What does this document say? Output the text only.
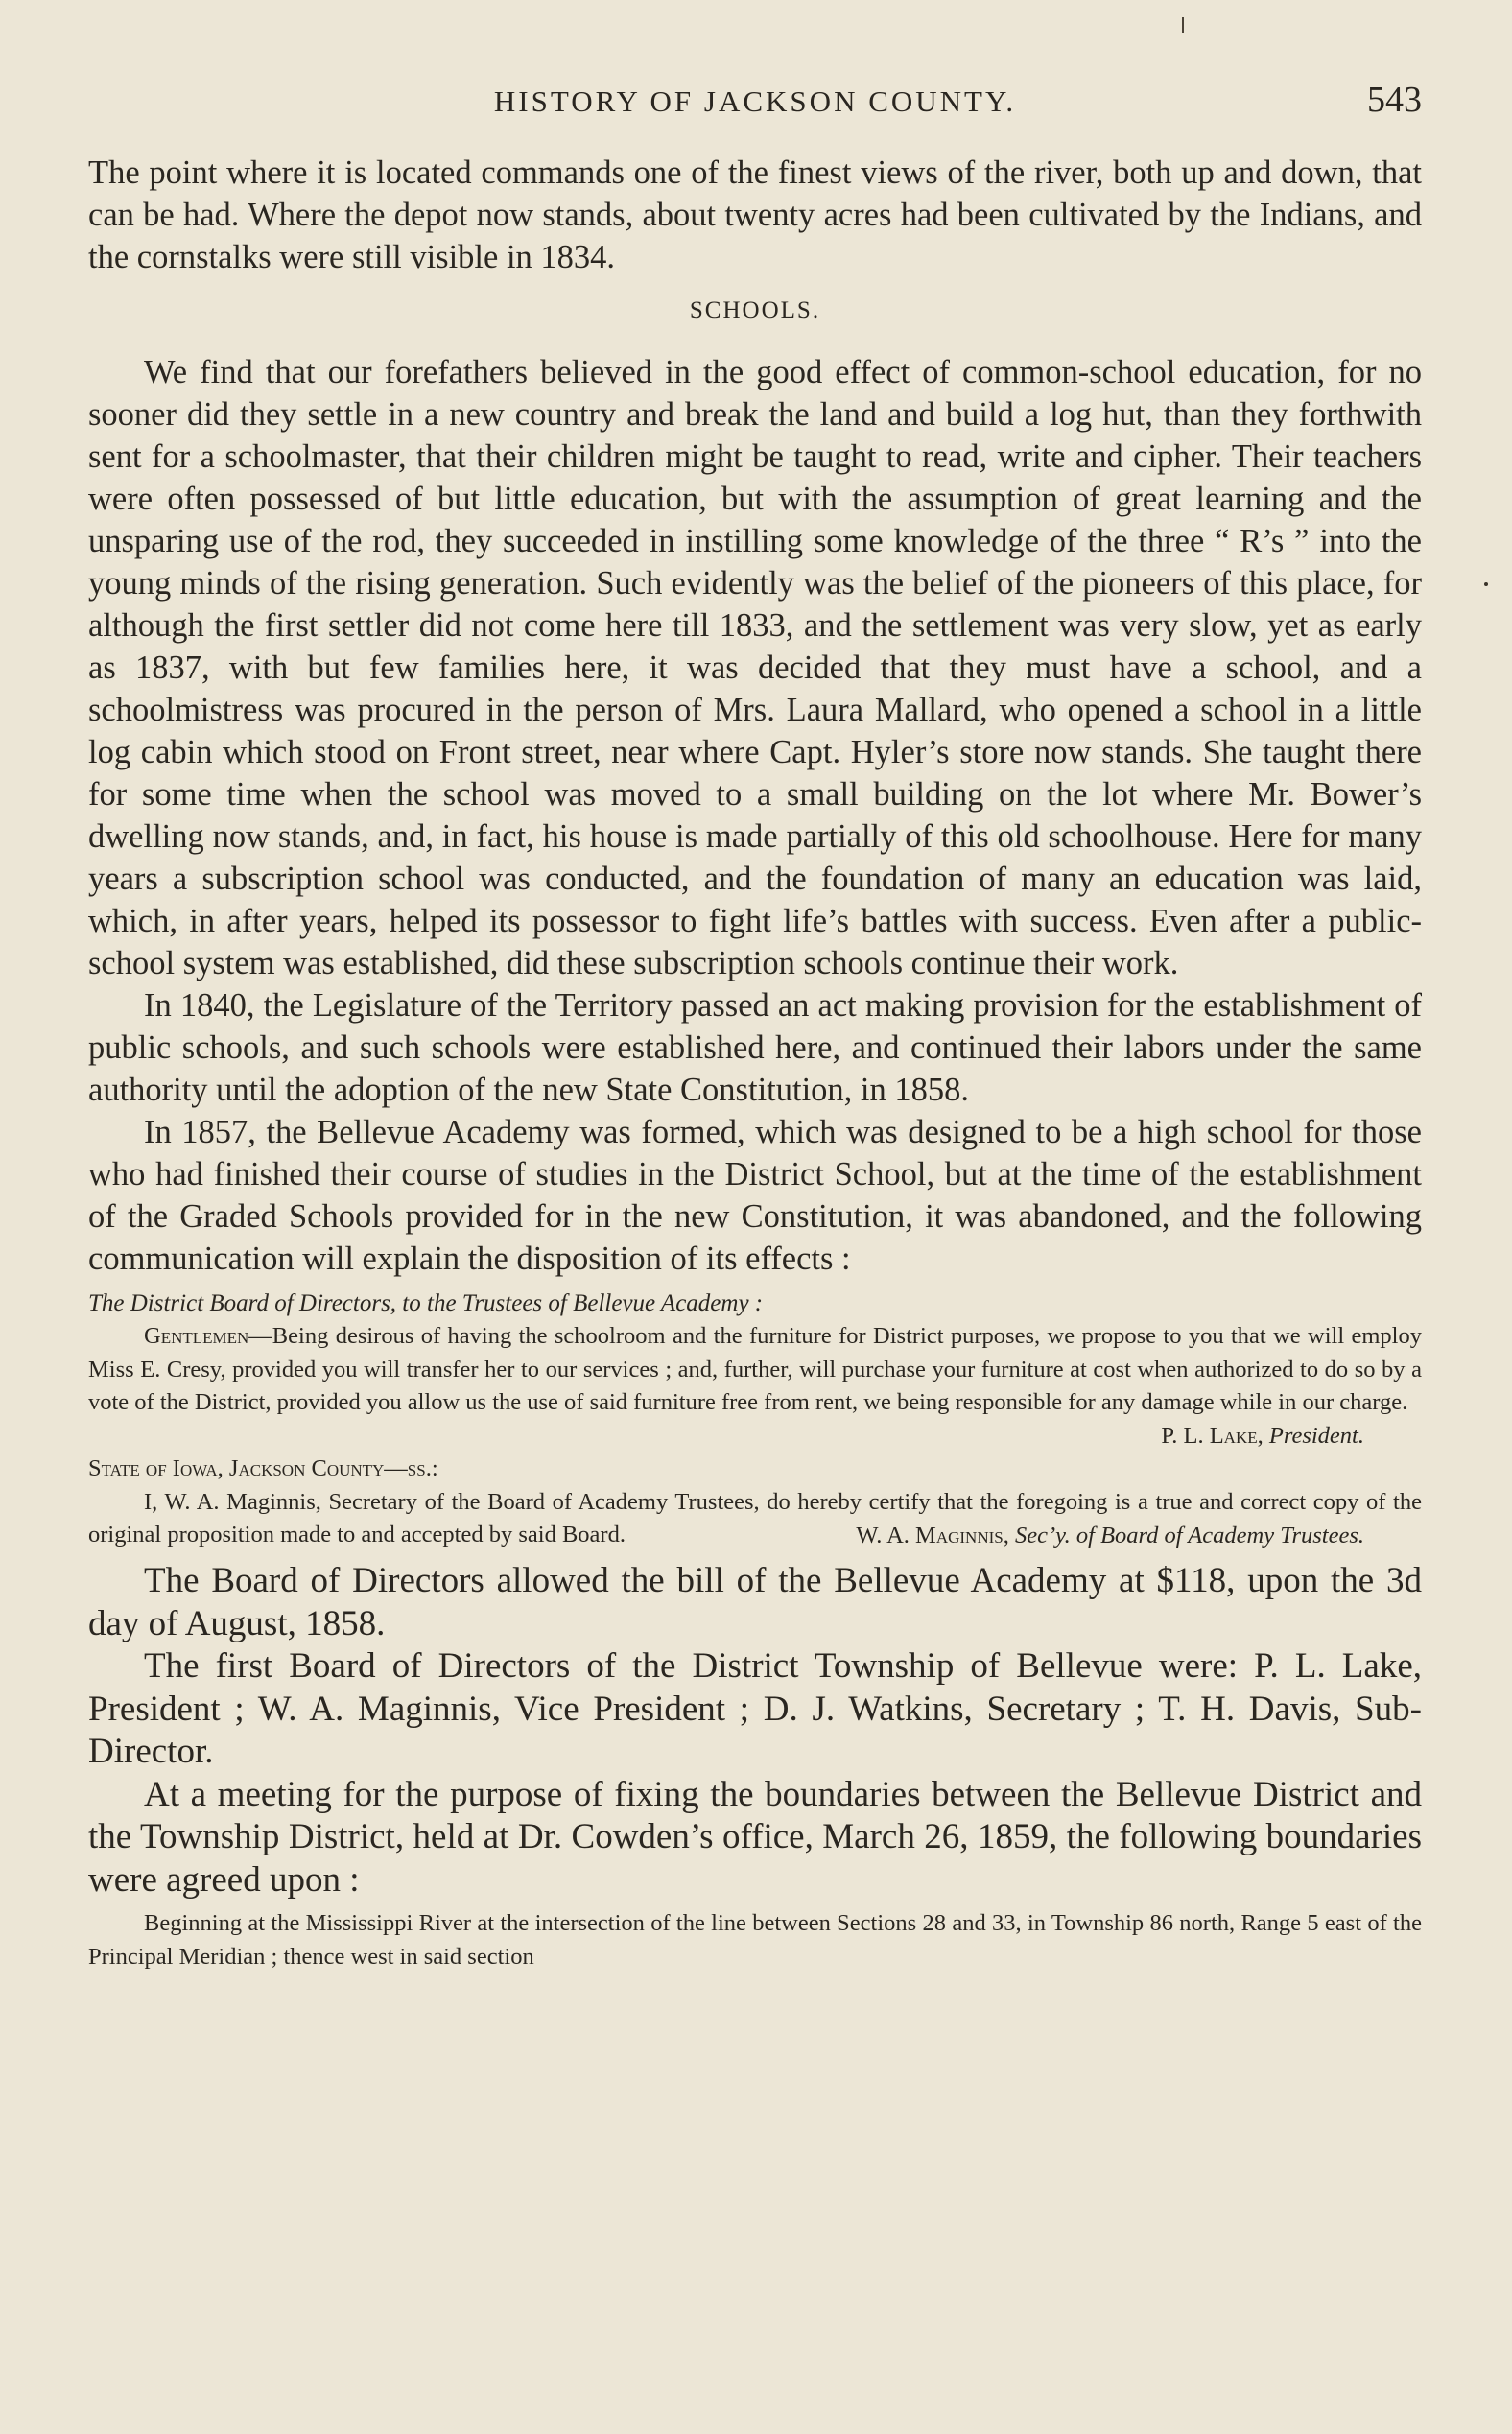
HISTORY OF JACKSON COUNTY.	543

The point where it is located commands one of the finest views of the river, both up and down, that can be had. Where the depot now stands, about twenty acres had been cultivated by the Indians, and the cornstalks were still visible in 1834.

SCHOOLS.

We find that our forefathers believed in the good effect of common-school education, for no sooner did they settle in a new country and break the land and build a log hut, than they forthwith sent for a schoolmaster, that their children might be taught to read, write and cipher. Their teachers were often possessed of but little education, but with the assumption of great learning and the unsparing use of the rod, they succeeded in instilling some knowledge of the three “ R’s ” into the young minds of the rising generation. Such evidently was the belief of the pioneers of this place, for although the first settler did not come here till 1833, and the settlement was very slow, yet as early as 1837, with but few families here, it was decided that they must have a school, and a schoolmistress was procured in the person of Mrs. Laura Mallard, who opened a school in a little log cabin which stood on Front street, near where Capt. Hyler’s store now stands. She taught there for some time when the school was moved to a small building on the lot where Mr. Bower’s dwelling now stands, and, in fact, his house is made partially of this old schoolhouse. Here for many years a subscription school was conducted, and the foundation of many an education was laid, which, in after years, helped its possessor to fight life’s battles with success. Even after a public-school system was established, did these subscription schools continue their work.

In 1840, the Legislature of the Territory passed an act making provision for the establishment of public schools, and such schools were established here, and continued their labors under the same authority until the adoption of the new State Constitution, in 1858.

In 1857, the Bellevue Academy was formed, which was designed to be a high school for those who had finished their course of studies in the District School, but at the time of the establishment of the Graded Schools provided for in the new Constitution, it was abandoned, and the following communication will explain the disposition of its effects :

The District Board of Directors, to the Trustees of Bellevue Academy :

Gentlemen—Being desirous of having the schoolroom and the furniture for District purposes, we propose to you that we will employ Miss E. Cresy, provided you will transfer her to our services ; and, further, will purchase your furniture at cost when authorized to do so by a vote of the District, provided you allow us the use of said furniture free from rent, we being responsible for any damage while in our charge.

P. L. Lake, President.

State of Iowa, Jackson County—ss.:

I, W. A. Maginnis, Secretary of the Board of Academy Trustees, do hereby certify that the foregoing is a true and correct copy of the original proposition made to and accepted by said Board.	W. A. Maginnis, Sec’y. of Board of Academy Trustees.

The Board of Directors allowed the bill of the Bellevue Academy at $118, upon the 3d day of August, 1858.

The first Board of Directors of the District Township of Bellevue were: P. L. Lake, President ; W. A. Maginnis, Vice President ; D. J. Watkins, Secretary ; T. H. Davis, Sub-Director.

At a meeting for the purpose of fixing the boundaries between the Bellevue District and the Township District, held at Dr. Cowden’s office, March 26, 1859, the following boundaries were agreed upon :

Beginning at the Mississippi River at the intersection of the line between Sections 28 and 33, in Township 86 north, Range 5 east of the Principal Meridian ; thence west in said section
